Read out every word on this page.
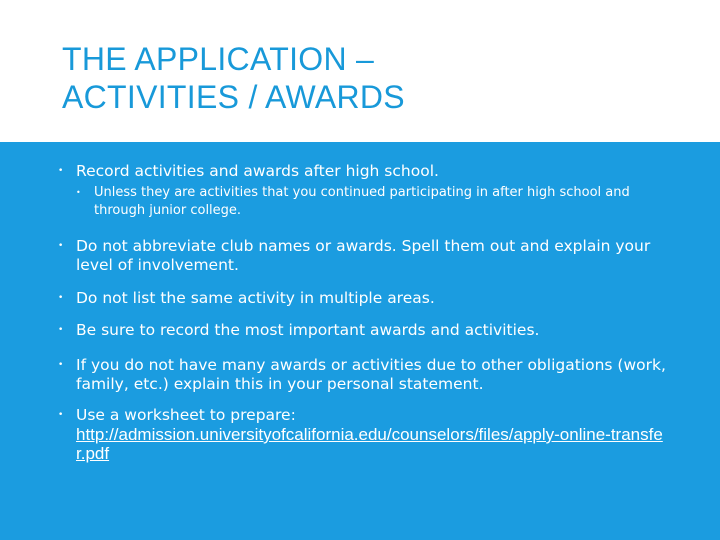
THE APPLICATION –
ACTIVITIES / AWARDS
• Record activities and awards after high school.
• Unless they are activities that you continued participating in after high school and through junior college.
• Do not abbreviate club names or awards. Spell them out and explain your level of involvement.
• Do not list the same activity in multiple areas.
• Be sure to record the most important awards and activities.
• If you do not have many awards or activities due to other obligations (work, family, etc.) explain this in your personal statement.
• Use a worksheet to prepare:
http://admission.universityofcalifornia.edu/counselors/files/apply-online-transfer.pdf
